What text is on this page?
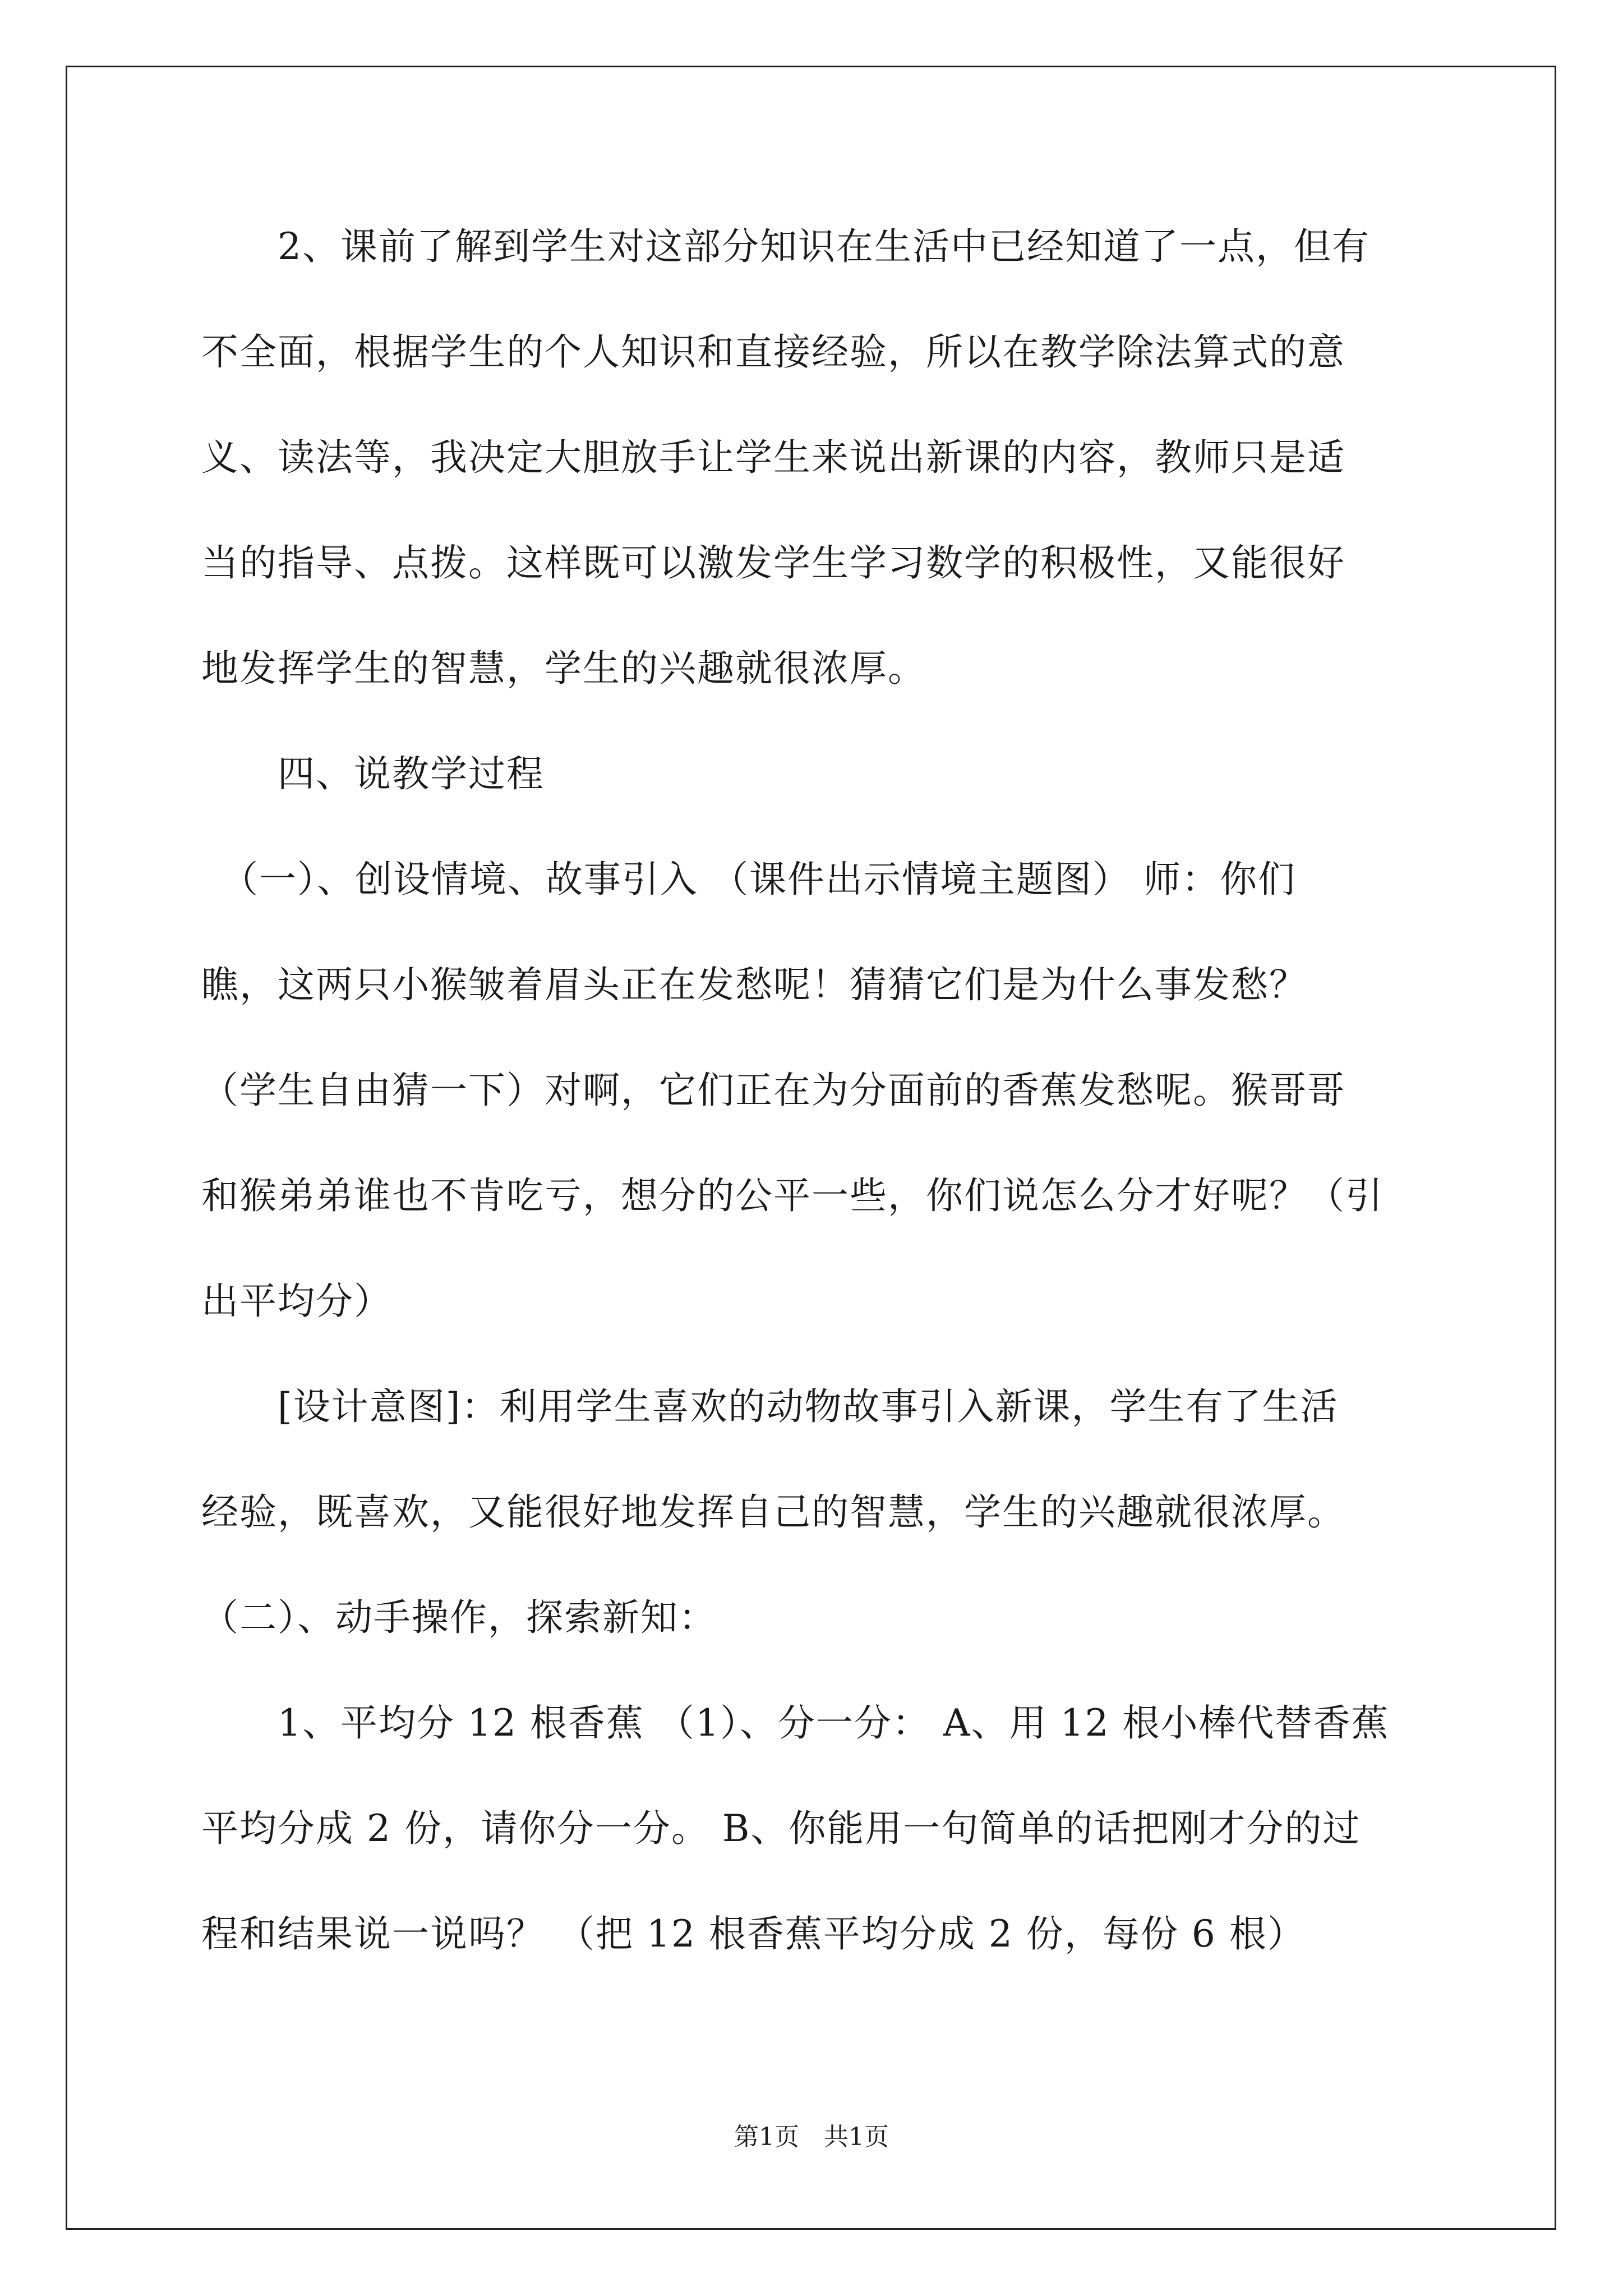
　　2、课前了解到学生对这部分知识在生活中已经知道了一点，但有
不全面，根据学生的个人知识和直接经验，所以在教学除法算式的意
义、读法等，我决定大胆放手让学生来说出新课的内容，教师只是适
当的指导、点拨。这样既可以激发学生学习数学的积极性，又能很好
地发挥学生的智慧，学生的兴趣就很浓厚。
　　四、说教学过程
　（一）、创设情境、故事引入 （课件出示情境主题图） 师：你们
瞧，这两只小猴皱着眉头正在发愁呢！猜猜它们是为什么事发愁？
（学生自由猜一下）对啊，它们正在为分面前的香蕉发愁呢。猴哥哥
和猴弟弟谁也不肯吃亏，想分的公平一些，你们说怎么分才好呢？（引
出平均分）
　　[设计意图]：利用学生喜欢的动物故事引入新课，学生有了生活
经验，既喜欢，又能很好地发挥自己的智慧，学生的兴趣就很浓厚。
（二）、动手操作，探索新知：
　　1、平均分 12 根香蕉 （1）、分一分： A、用 12 根小棒代替香蕉
平均分成 2 份，请你分一分。 B、你能用一句简单的话把刚才分的过
程和结果说一说吗？ （把 12 根香蕉平均分成 2 份，每份 6 根）
第1页　共1页
